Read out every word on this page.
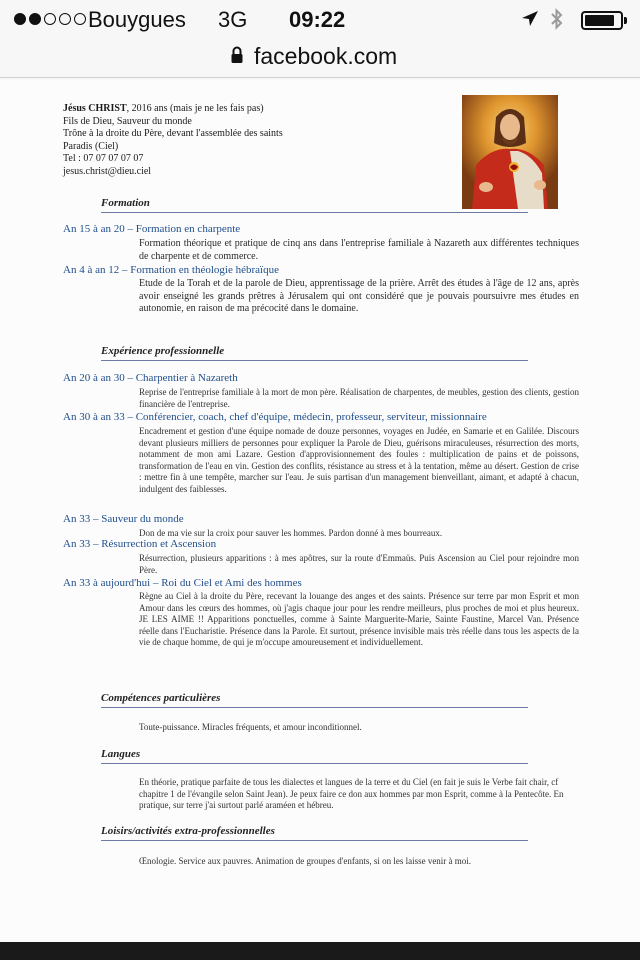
Bouygues 3G 09:22
facebook.com
Jésus CHRIST, 2016 ans (mais je ne les fais pas)
Fils de Dieu, Sauveur du monde
Trône à la droite du Père, devant l'assemblée des saints
Paradis (Ciel)
Tel : 07 07 07 07 07
jesus.christ@dieu.ciel
Formation
An 15 à an 20 – Formation en charpente
Formation théorique et pratique de cinq ans dans l'entreprise familiale à Nazareth aux différentes techniques de charpente et de commerce.
An 4 à an 12 – Formation en théologie hébraïque
Etude de la Torah et de la parole de Dieu, apprentissage de la prière. Arrêt des études à l'âge de 12 ans, après avoir enseigné les grands prêtres à Jérusalem qui ont considéré que je pouvais poursuivre mes études en autonomie, en raison de ma précocité dans le domaine.
Expérience professionnelle
An 20 à an 30 – Charpentier à Nazareth
Reprise de l'entreprise familiale à la mort de mon père. Réalisation de charpentes, de meubles, gestion des clients, gestion financière de l'entreprise.
An 30 à an 33 – Conférencier, coach, chef d'équipe, médecin, professeur, serviteur, missionnaire
Encadrement et gestion d'une équipe nomade de douze personnes, voyages en Judée, en Samarie et en Galilée. Discours devant plusieurs milliers de personnes pour expliquer la Parole de Dieu, guérisons miraculeuses, résurrection des morts, notamment de mon ami Lazare. Gestion d'approvisionnement des foules : multiplication de pains et de poissons, transformation de l'eau en vin. Gestion des conflits, résistance au stress et à la tentation, même au désert. Gestion de crise : mettre fin à une tempête, marcher sur l'eau. Je suis partisan d'un management bienveillant, aimant, et adapté à chacun, indulgent des faiblesses.
An 33 – Sauveur du monde
Don de ma vie sur la croix pour sauver les hommes. Pardon donné à mes bourreaux.
An 33 – Résurrection et Ascension
Résurrection, plusieurs apparitions : à mes apôtres, sur la route d'Emmaüs. Puis Ascension au Ciel pour rejoindre mon Père.
An 33 à aujourd'hui – Roi du Ciel et Ami des hommes
Règne au Ciel à la droite du Père, recevant la louange des anges et des saints. Présence sur terre par mon Esprit et mon Amour dans les cœurs des hommes, où j'agis chaque jour pour les rendre meilleurs, plus proches de moi et plus heureux. JE LES AIME !! Apparitions ponctuelles, comme à Sainte Marguerite-Marie, Sainte Faustine, Marcel Van. Présence réelle dans l'Eucharistie. Présence dans la Parole. Et surtout, présence invisible mais très réelle dans tous les aspects de la vie de chaque homme, de qui je m'occupe amoureusement et individuellement.
Compétences particulières
Toute-puissance. Miracles fréquents, et amour inconditionnel.
Langues
En théorie, pratique parfaite de tous les dialectes et langues de la terre et du Ciel (en fait je suis le Verbe fait chair, cf chapitre 1 de l'évangile selon Saint Jean). Je peux faire ce don aux hommes par mon Esprit, comme à la Pentecôte. En pratique, sur terre j'ai surtout parlé araméen et hébreu.
Loisirs/activités extra-professionnelles
Œnologie. Service aux pauvres. Animation de groupes d'enfants, si on les laisse venir à moi.
